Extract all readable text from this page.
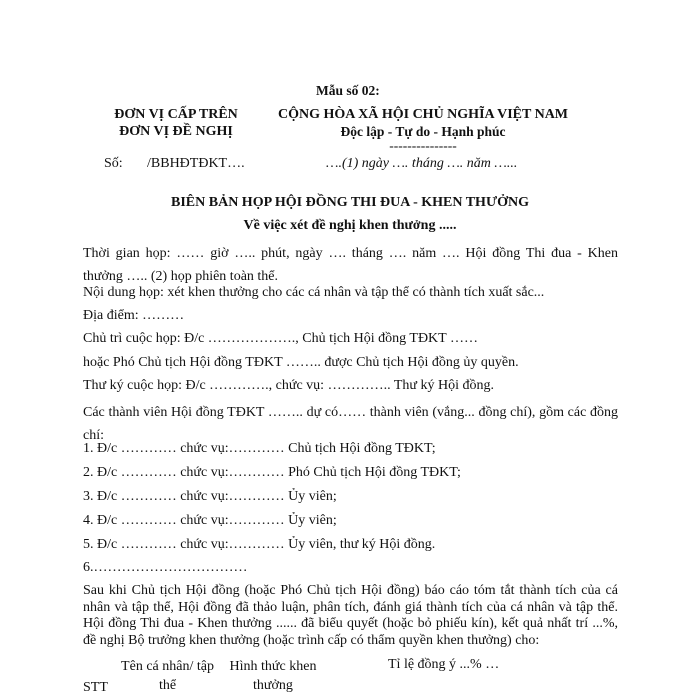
Mẫu số 02:
ĐƠN VỊ CẤP TRÊN
ĐƠN VỊ ĐỀ NGHỊ
CỘNG HÒA XÃ HỘI CHỦ NGHĨA VIỆT NAM
Độc lập - Tự do - Hạnh phúc
---------------
Số: /BBHĐTĐKT….	….(1) ngày …. tháng …. năm …...
BIÊN BẢN HỌP HỘI ĐỒNG THI ĐUA - KHEN THƯỞNG
Về việc xét đề nghị khen thưởng .....
Thời gian họp: …… giờ ….. phút, ngày …. tháng …. năm …. Hội đồng Thi đua - Khen thưởng ….. (2) họp phiên toàn thể.
Nội dung họp: xét khen thưởng cho các cá nhân và tập thể có thành tích xuất sắc...
Địa điểm: ………
Chủ trì cuộc họp: Đ/c ………………., Chủ tịch Hội đồng TĐKT ……
hoặc Phó Chủ tịch Hội đồng TĐKT …….. được Chủ tịch Hội đồng ủy quyền.
Thư ký cuộc họp: Đ/c …………., chức vụ: ………….. Thư ký Hội đồng.
Các thành viên Hội đồng TĐKT …….. dự có…… thành viên (vắng... đồng chí), gồm các đồng chí:
1. Đ/c ………… chức vụ:………… Chủ tịch Hội đồng TĐKT;
2. Đ/c ………… chức vụ:………… Phó Chủ tịch Hội đồng TĐKT;
3. Đ/c ………… chức vụ:………… Ủy viên;
4. Đ/c ………… chức vụ:………… Ủy viên;
5. Đ/c ………… chức vụ:………… Ủy viên, thư ký Hội đồng.
6.……………………………
Sau khi Chủ tịch Hội đồng (hoặc Phó Chủ tịch Hội đồng) báo cáo tóm tắt thành tích của cá nhân và tập thể, Hội đồng đã thảo luận, phân tích, đánh giá thành tích của cá nhân và tập thể. Hội đồng Thi đua - Khen thưởng ...... đã biểu quyết (hoặc bỏ phiếu kín), kết quả nhất trí ...%, đề nghị Bộ trưởng khen thưởng (hoặc trình cấp có thẩm quyền khen thưởng) cho:
STT
Tên cá nhân/ tập thể
Hình thức khen thưởng
Tỉ lệ đồng ý ...% …
